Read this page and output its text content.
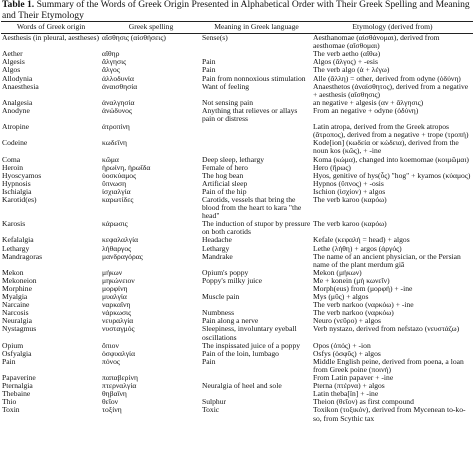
Table 1. Summary of the Words of Greek Origin Presented in Alphabetical Order with Their Greek Spelling and Meaning and Their Etymology

Words of Greek origin	Greek spelling	Meaning in Greek language	Etymology (derived from)
Aesthesis (in pleural, aestheses)	αἴσθησις (αἰσθήσεις)	Sense(s)	Aesthanomae (αἰσθάνομαι), derived from aesthomae (αἴσθομαι)
Aether	αἴθηρ		The verb aetho (αἴθω)
Algesis	ἄλγησις	Pain	Algos (ἄλγος) + -esis
Algos	ἄλγος	Pain	The verb algo (ἀ + λέγω)
Allodynia	ἀλλοδυνία	Pain from nonnoxious stimulation	Alle (ἄλλη) = other, derived from odyne (ὀδύνη)
Anaesthesia	ἀναισθησία	Want of feeling	Anaesthetos (ἀναίσθητος), derived from a negative + aesthesis (αἴσθησις)
Analgesia	ἀναλγησία	Not sensing pain	an negative + algesis (αν + ἄλγησις)
Anodyne	ἀνώδυνος	Anything that relieves or allays pain or distress	From an negative + odyne (ὀδύνη)
Atropine	ἀτροπίνη		Latin atropa, derived from the Greek atropos (ἄτροπος), derived from a negative + trope (τροπή)
Codeine	κωδεΐνη		Kode[ion] (κωδεία or κώδεια), derived from the noun kos (κῶς), + -ine
Coma	κῶμα	Deep sleep, lethargy	Koma (κώμα), changed into koemomae (κοιμῶμαι)
Heroin	ἡρωίνη, ἡρωΐδα	Female of hero	Hero (ἥρως)
Hyoscyamos	ὑοσκύαμος	The hog bean	Hyos, genitive of hys(ὗς) "hog" + kyamos (κύαμος)
Hypnosis	ὕπνωση	Artificial sleep	Hypnos (ὕπνος) + -osis
Ischialgia	ἰσχιαλγία	Pain of the hip	Ischion (ἰσχίον) + algos
Karotid(es)	καρωτίδες	Carotids, vessels that bring the blood from the heart to kara "the head"	The verb karoo (καρόω)
Karosis	κάρωσις	The induction of stupor by pressure on both carotids	The verb karoo (καρόω)
Kefalalgia	κεφαλαλγία	Headache	Kefale (κεφαλή = head) + algos
Lethargy	λήθαργος	Lethargy	Lethe (λήθη) + argos (ἀργός)
Mandragoras	μανδραγόρας	Mandrake	The name of an ancient physician, or the Persian name of the plant merdum giā
Mekon	μήκων	Opium's poppy	Mekon (μήκων)
Mekoneion	μηκώνειον	Poppy's milky juice	Me + konein (μὴ κωνεῖν)
Morphine	μορφίνη		Morph(eus) from (μορφή) + -ine
Myalgia	μυαλγία	Muscle pain	Mys (μῦς) + algos
Narcaine	ναρκαΐνη		The verb narkoo (ναρκόω) + -ine
Narcosis	νάρκωσις	Numbness	The verb narkoo (ναρκόω)
Neuralgia	νευραλγία	Pain along a nerve	Neuro (νεῦρο) + algos
Nystagmus	νυσταγμός	Sleepiness, involuntary eyeball oscillations	Verb nystazo, derived from nefstazo (νευστάζω)
Opium	ὄπιον	The inspissated juice of a poppy	Opos (ὀπός) + -ion
Osfyalgia	ὀσφυαλγία	Pain of the loin, lumbago	Osfys (ὀσφῦς) + algos
Pain	πόνος	Pain	Middle English peine, derived from poena, a loan from Greek poine (ποινή)
Papaverine	παπαβερίνη		From Latin papaver + -ine
Pternalgia	πτερναλγία	Neuralgia of heel and sole	Pterna (πτέρνα) + algos
Thebaine	θηβαΐνη		Latin theba[ïn] + -ine
Thio	θεῖον	Sulphur	Theion (θεῖον) as first compound
Toxin	τοξίνη	Toxic	Toxikon (τοξικόν), derived from Mycenean to-ko-so, from Scythic tax
